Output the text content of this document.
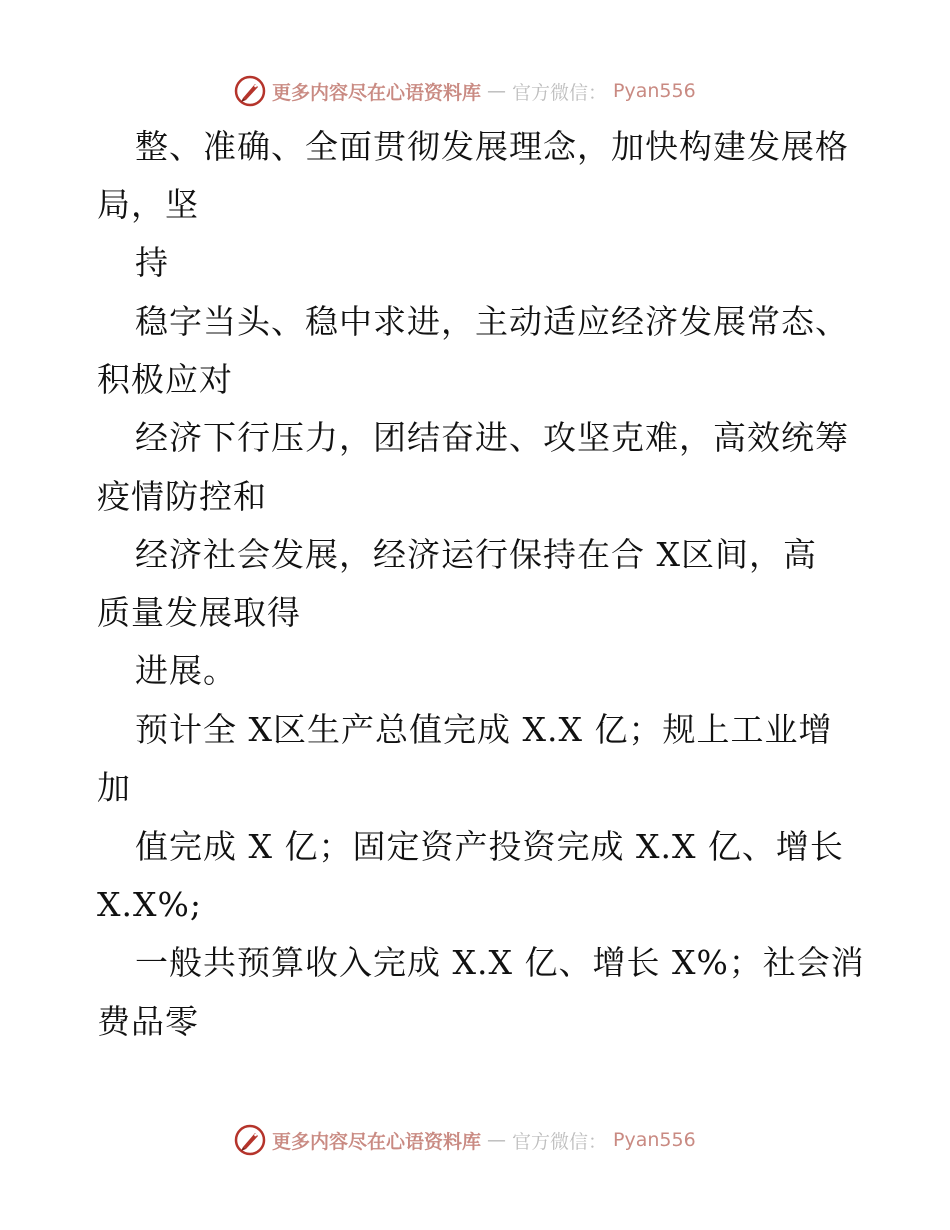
更多内容尽在心语资料库 — 官方微信： Pyan556
整、准确、全面贯彻发展理念，加快构建发展格
局，坚
持
稳字当头、稳中求进，主动适应经济发展常态、
积极应对
经济下行压力，团结奋进、攻坚克难，高效统筹
疫情防控和
经济社会发展，经济运行保持在合 X区间，高
质量发展取得
进展。
预计全 X区生产总值完成 X.X 亿；规上工业增
加
值完成 X 亿；固定资产投资完成 X.X 亿、增长
X.X%;
一般共预算收入完成 X.X 亿、增长 X%；社会消
费品零
更多内容尽在心语资料库 — 官方微信： Pyan556
